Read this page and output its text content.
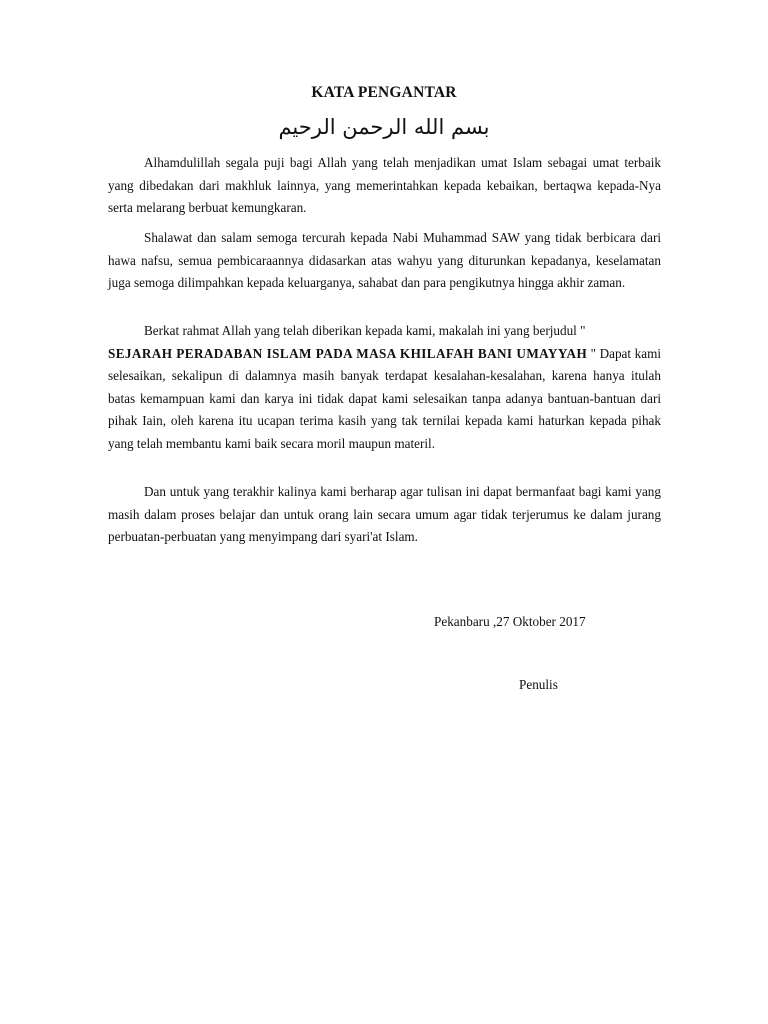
KATA PENGANTAR
بسم الله الرحمن الرحيم

Alhamdulillah segala puji bagi Allah yang telah menjadikan umat Islam sebagai umat terbaik yang dibedakan dari makhluk lainnya, yang memerintahkan kepada kebaikan, bertaqwa kepada-Nya serta melarang berbuat kemungkaran.

Shalawat dan salam semoga tercurah kepada Nabi Muhammad SAW yang tidak berbicara dari hawa nafsu, semua pembicaraannya didasarkan atas wahyu yang diturunkan kepadanya, keselamatan juga semoga dilimpahkan kepada keluarganya, sahabat dan para pengikutnya hingga akhir zaman.

Berkat rahmat Allah yang telah diberikan kepada kami, makalah ini yang berjudul "
SEJARAH PERADABAN ISLAM PADA MASA KHILAFAH BANI UMAYYAH " Dapat kami selesaikan, sekalipun di dalamnya masih banyak terdapat kesalahan-kesalahan, karena hanya itulah batas kemampuan kami dan karya ini tidak dapat kami selesaikan tanpa adanya bantuan-bantuan dari pihak Iain, oleh karena itu ucapan terima kasih yang tak ternilai kepada kami haturkan kepada pihak yang telah membantu kami baik secara moril maupun materil.

Dan untuk yang terakhir kalinya kami berharap agar tulisan ini dapat bermanfaat bagi kami yang masih dalam proses belajar dan untuk orang lain secara umum agar tidak terjerumus ke dalam jurang perbuatan-perbuatan yang menyimpang dari syari'at Islam.

Pekanbaru ,27 Oktober 2017
Penulis
